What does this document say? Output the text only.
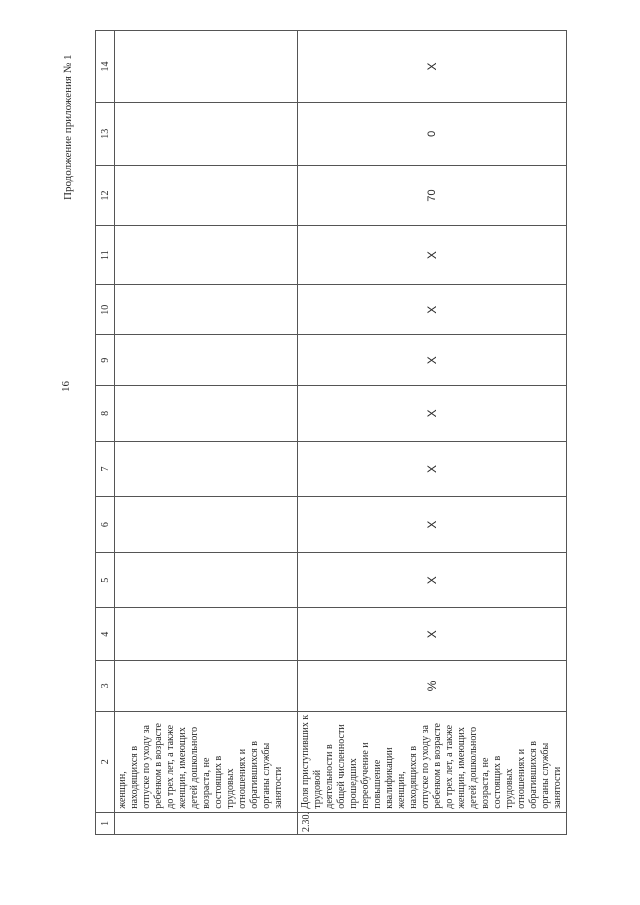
16
Продолжение приложения № 1
1	2	3	4	5	6	7	8	9	10	11	12	13	14
	женщин, находящихся в отпуске по уходу за ребенком в возрасте до трех лет, а также женщин, имеющих детей дошкольного возраста, не состоящих в трудовых отношениях и обратившихся в органы службы занятости												
2.30.	Доля приступивших к трудовой деятельности в общей численности прошедших переобучение и повышение квалификации женщин, находящихся в отпуске по уходу за ребенком в возрасте до трех лет, а также женщин, имеющих детей дошкольного возраста, не состоящих в трудовых отношениях и обратившихся в органы службы занятости	%	X	X	X	X	X	X	X	X	70	0	X
